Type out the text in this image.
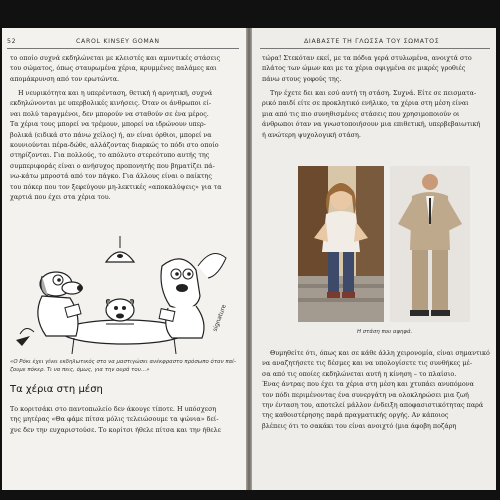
52	CAROL KINSEY GOMAN
το οποίο συχνά εκδηλώνεται με κλειστές και αμυντικές στάσεις
του σώματος, όπως σταυρωμένα χέρια, κρυμμένες παλάμες και
απομάκρυνση από τον ερωτώντα.
Η νευρικότητα και η υπερένταση, θετική ή αρνητική, συχνά
εκδηλώνονται με υπερβολικές κινήσεις. Όταν οι άνθρωποι εί-
ναι πολύ ταραγμένοι, δεν μπορούν να σταθούν σε ένα μέρος.
Τα χέρια τους μπορεί να τρέμουν, μπορεί να ιδρώνουν υπερ-
βολικά (ειδικά στο πάνω χείλος) ή, αν είναι όρθιοι, μπορεί να
κουνιούνται πέρα-δώθε, αλλάζοντας διαρκώς το πόδι στο οποίο
στηρίζονται. Για πολλούς, το απόλυτο στερεότυπο αυτής της
συμπεριφοράς είναι ο ανήσυχος προπονητής που βηματίζει πά-
νω-κάτω μπροστά από τον πάγκο. Για άλλους είναι ο παίκτης
του πόκερ που τον ξεφεύγουν μη-λεκτικές «αποκαλύψεις» για τα
χαρτιά που έχει στα χέρια του.
signature
«Ο Ρόκι έχει γίνει εκδηλωτικός στο να μαστιγώσει ανέκφραστο πρόσωπο όταν παί-
ζουμε πόκερ. Τι να πεις, όμως, για την ουρά του…»
Τα χέρια στη μέση
Το κοριτσάκι στο παντοπωλείο δεν άκουγε τίποτε. Η υπόσχεση
της μητέρας «Θα φάμε πίτσα μόλις τελειώσουμε τα ψώνια» δεί-
χνε δεν την ευχαριστούσε. Το κορίτσι ήθελε πίτσα και την ήθελε
ΔΙΑΒΑΣΤΕ ΤΗ ΓΛΩΣΣΑ ΤΟΥ ΣΩΜΑΤΟΣ
τώρα! Στεκόταν εκεί, με τα πόδια γερά στυλωμένα, ανοιχτά στο
πλάτος των ώμων και με τα χέρια σφιγμένα σε μικρές γροθιές
πάνω στους γοφούς της.
Την έχετε δει και εσύ αυτή τη στάση. Συχνά. Είτε σε πεισματα-
ρικό παιδί είτε σε προκλητικό ενήλικο, τα χέρια στη μέση είναι
μια από τις πιο συνηθισμένες στάσεις που χρησιμοποιούν οι
άνθρωποι όταν να γνωστοποιήσουν μια επιθετική, υπερβεβαιωτική
ή ανώτερη ψυχολογική στάση.
Η στάση που αφηφά.
Θυμηθείτε ότι, όπως και σε κάθε άλλη χειρονομία, είναι σημαντικό
να αναζητήσετε τις δέσμες και να υπολογίσετε τις συνθήκες μέ-
σα από τις οποίες εκδηλώνεται αυτή η κίνηση – το πλαίσιο.
Ένας άντρας που έχει τα χέρια στη μέση και χτυπάει ανυπόμονα
τον πόδι περιμένοντας ένα συνεργάτη να ολοκληρώσει μια ζωή
την ένταση του, αποτελεί μάλλον ένδειξη αποφασιστικότητας παρά
της καθοιστέρησης παρά πραγματικής οργής. Αν κάποιος
βλέπεις ότι το σακάκι του είναι ανοιχτό (μια άφοβη ποζάρη
